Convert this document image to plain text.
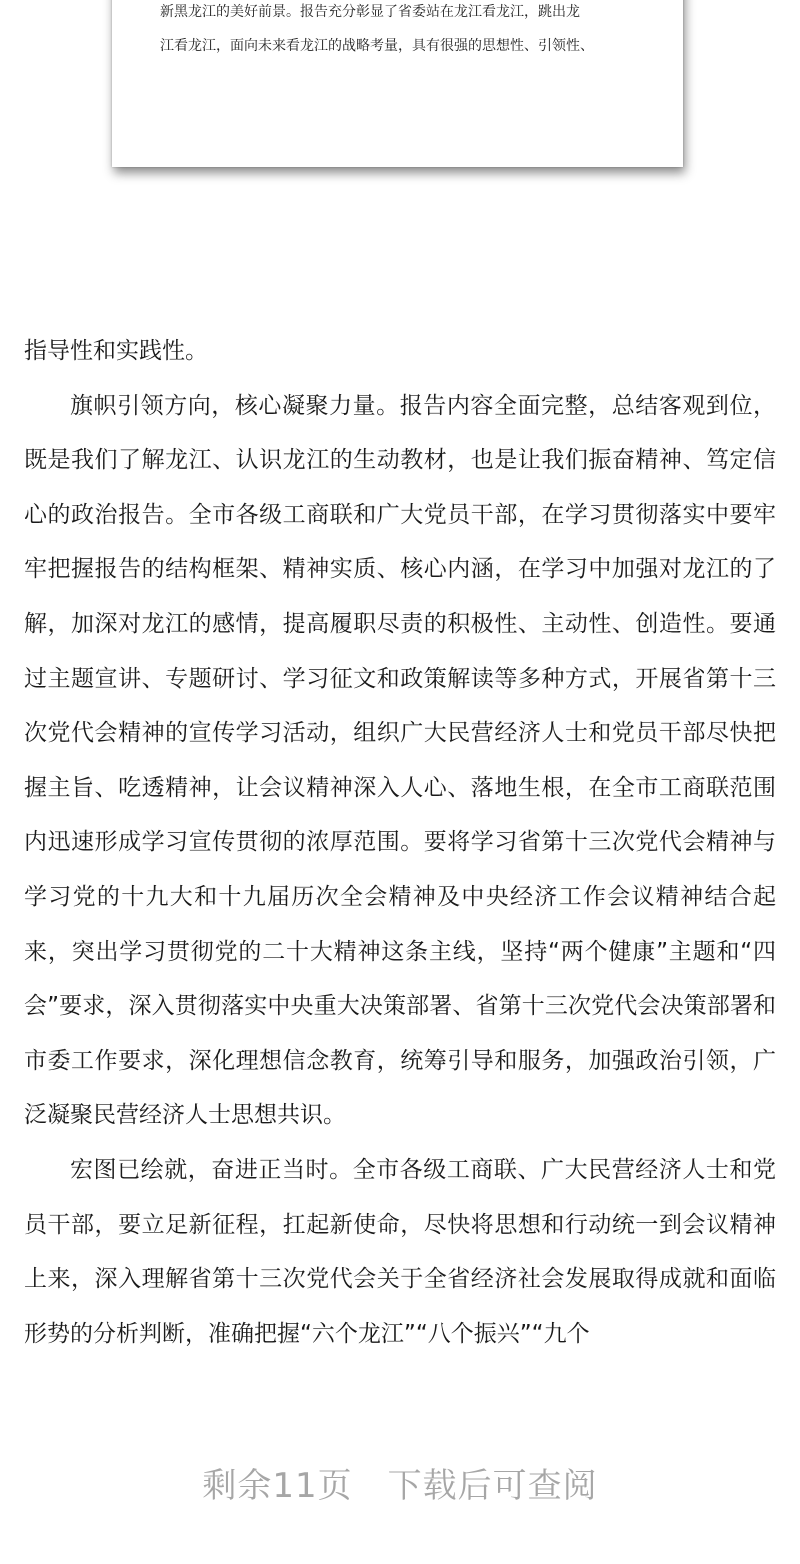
新黑龙江的美好前景。报告充分彰显了省委站在龙江看龙江，跳出龙
江看龙江，面向未来看龙江的战略考量，具有很强的思想性、引领性、

指导性和实践性。

旗帜引领方向，核心凝聚力量。报告内容全面完整，总结客观到位，既是我们了解龙江、认识龙江的生动教材，也是让我们振奋精神、笃定信心的政治报告。全市各级工商联和广大党员干部，在学习贯彻落实中要牢牢把握报告的结构框架、精神实质、核心内涵，在学习中加强对龙江的了解，加深对龙江的感情，提高履职尽责的积极性、主动性、创造性。要通过主题宣讲、专题研讨、学习征文和政策解读等多种方式，开展省第十三次党代会精神的宣传学习活动，组织广大民营经济人士和党员干部尽快把握主旨、吃透精神，让会议精神深入人心、落地生根，在全市工商联范围内迅速形成学习宣传贯彻的浓厚范围。要将学习省第十三次党代会精神与学习党的十九大和十九届历次全会精神及中央经济工作会议精神结合起来，突出学习贯彻党的二十大精神这条主线，坚持“两个健康”主题和“四会”要求，深入贯彻落实中央重大决策部署、省第十三次党代会决策部署和市委工作要求，深化理想信念教育，统筹引导和服务，加强政治引领，广泛凝聚民营经济人士思想共识。

宏图已绘就，奋进正当时。全市各级工商联、广大民营经济人士和党员干部，要立足新征程，扛起新使命，尽快将思想和行动统一到会议精神上来，深入理解省第十三次党代会关于全省经济社会发展取得成就和面临形势的分析判断，准确把握“六个龙江”“八个振兴”“九个

剩余11页　下载后可查阅
